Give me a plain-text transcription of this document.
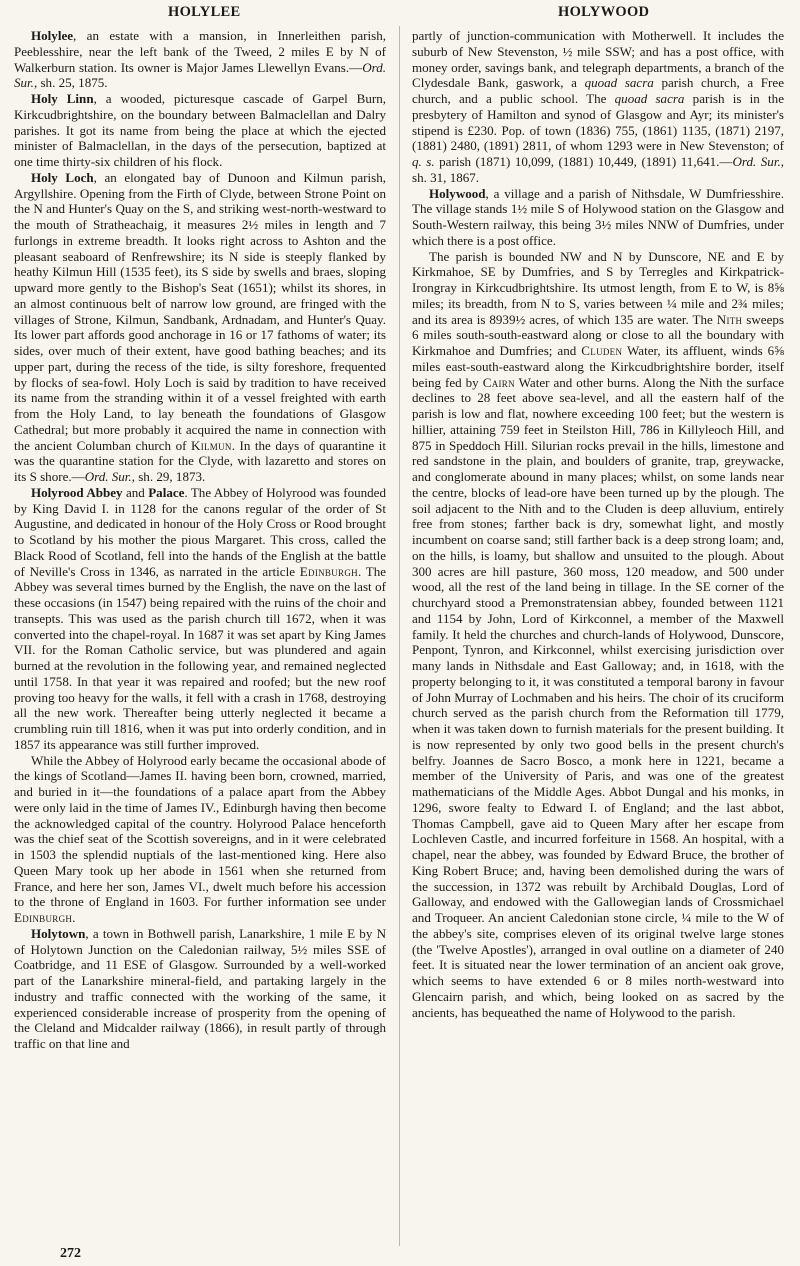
HOLYLEE	HOLYWOOD

Holylee, an estate with a mansion, in Innerleithen parish, Peeblesshire, near the left bank of the Tweed, 2 miles E by N of Walkerburn station. Its owner is Major James Llewellyn Evans.—Ord. Sur., sh. 25, 1875.

Holy Linn, a wooded, picturesque cascade of Garpel Burn, Kirkcudbrightshire, on the boundary between Balmaclellan and Dalry parishes. It got its name from being the place at which the ejected minister of Balmaclellan, in the days of the persecution, baptized at one time thirty-six children of his flock.

Holy Loch, an elongated bay of Dunoon and Kilmun parish, Argyllshire. Opening from the Firth of Clyde, between Strone Point on the N and Hunter's Quay on the S, and striking west-north-westward to the mouth of Stratheachaig, it measures 2½ miles in length and 7 furlongs in extreme breadth. It looks right across to Ashton and the pleasant seaboard of Renfrewshire; its N side is steeply flanked by heathy Kilmun Hill (1535 feet), its S side by swells and braes, sloping upward more gently to the Bishop's Seat (1651); whilst its shores, in an almost continuous belt of narrow low ground, are fringed with the villages of Strone, Kilmun, Sandbank, Ardnadam, and Hunter's Quay. Its lower part affords good anchorage in 16 or 17 fathoms of water; its sides, over much of their extent, have good bathing beaches; and its upper part, during the recess of the tide, is silty foreshore, frequented by flocks of sea-fowl. Holy Loch is said by tradition to have received its name from the stranding within it of a vessel freighted with earth from the Holy Land, to lay beneath the foundations of Glasgow Cathedral; but more probably it acquired the name in connection with the ancient Columban church of Kilmun. In the days of quarantine it was the quarantine station for the Clyde, with lazaretto and stores on its S shore.—Ord. Sur., sh. 29, 1873.

Holyrood Abbey and Palace. The Abbey of Holyrood was founded by King David I. in 1128 for the canons regular of the order of St Augustine, and dedicated in honour of the Holy Cross or Rood brought to Scotland by his mother the pious Margaret. This cross, called the Black Rood of Scotland, fell into the hands of the English at the battle of Neville's Cross in 1346, as narrated in the article Edinburgh. The Abbey was several times burned by the English, the nave on the last of these occasions (in 1547) being repaired with the ruins of the choir and transepts. This was used as the parish church till 1672, when it was converted into the chapel-royal. In 1687 it was set apart by King James VII. for the Roman Catholic service, but was plundered and again burned at the revolution in the following year, and remained neglected until 1758. In that year it was repaired and roofed; but the new roof proving too heavy for the walls, it fell with a crash in 1768, destroying all the new work. Thereafter being utterly neglected it became a crumbling ruin till 1816, when it was put into orderly condition, and in 1857 its appearance was still further improved.

While the Abbey of Holyrood early became the occasional abode of the kings of Scotland—James II. having been born, crowned, married, and buried in it—the foundations of a palace apart from the Abbey were only laid in the time of James IV., Edinburgh having then become the acknowledged capital of the country. Holyrood Palace henceforth was the chief seat of the Scottish sovereigns, and in it were celebrated in 1503 the splendid nuptials of the last-mentioned king. Here also Queen Mary took up her abode in 1561 when she returned from France, and here her son, James VI., dwelt much before his accession to the throne of England in 1603. For further information see under Edinburgh.

Holytown, a town in Bothwell parish, Lanarkshire, 1 mile E by N of Holytown Junction on the Caledonian railway, 5½ miles SSE of Coatbridge, and 11 ESE of Glasgow. Surrounded by a well-worked part of the Lanarkshire mineral-field, and partaking largely in the industry and traffic connected with the working of the same, it experienced considerable increase of prosperity from the opening of the Cleland and Midcalder railway (1866), in result partly of through traffic on that line and

partly of junction-communication with Motherwell. It includes the suburb of New Stevenston, ½ mile SSW; and has a post office, with money order, savings bank, and telegraph departments, a branch of the Clydesdale Bank, gaswork, a quoad sacra parish church, a Free church, and a public school. The quoad sacra parish is in the presbytery of Hamilton and synod of Glasgow and Ayr; its minister's stipend is £230. Pop. of town (1836) 755, (1861) 1135, (1871) 2197, (1881) 2480, (1891) 2811, of whom 1293 were in New Stevenston; of q. s. parish (1871) 10,099, (1881) 10,449, (1891) 11,641.—Ord. Sur., sh. 31, 1867.

Holywood, a village and a parish of Nithsdale, W Dumfriesshire. The village stands 1½ mile S of Holywood station on the Glasgow and South-Western railway, this being 3½ miles NNW of Dumfries, under which there is a post office.

The parish is bounded NW and N by Dunscore, NE and E by Kirkmahoe, SE by Dumfries, and S by Terregles and Kirkpatrick-Irongray in Kirkcudbrightshire. Its utmost length, from E to W, is 8⅝ miles; its breadth, from N to S, varies between ¼ mile and 2¾ miles; and its area is 8939½ acres, of which 135 are water. The Nith sweeps 6 miles south-south-eastward along or close to all the boundary with Kirkmahoe and Dumfries; and Cluden Water, its affluent, winds 6⅝ miles east-south-eastward along the Kirkcudbrightshire border, itself being fed by Cairn Water and other burns. Along the Nith the surface declines to 28 feet above sea-level, and all the eastern half of the parish is low and flat, nowhere exceeding 100 feet; but the western is hillier, attaining 759 feet in Steilston Hill, 786 in Killyleoch Hill, and 875 in Speddoch Hill. Silurian rocks prevail in the hills, limestone and red sandstone in the plain, and boulders of granite, trap, greywacke, and conglomerate abound in many places; whilst, on some lands near the centre, blocks of lead-ore have been turned up by the plough. The soil adjacent to the Nith and to the Cluden is deep alluvium, entirely free from stones; farther back is dry, somewhat light, and mostly incumbent on coarse sand; still farther back is a deep strong loam; and, on the hills, is loamy, but shallow and unsuited to the plough. About 300 acres are hill pasture, 360 moss, 120 meadow, and 500 under wood, all the rest of the land being in tillage. In the SE corner of the churchyard stood a Premonstratensian abbey, founded between 1121 and 1154 by John, Lord of Kirkconnel, a member of the Maxwell family. It held the churches and church-lands of Holywood, Dunscore, Penpont, Tynron, and Kirkconnel, whilst exercising jurisdiction over many lands in Nithsdale and East Galloway; and, in 1618, with the property belonging to it, it was constituted a temporal barony in favour of John Murray of Lochmaben and his heirs. The choir of its cruciform church served as the parish church from the Reformation till 1779, when it was taken down to furnish materials for the present building. It is now represented by only two good bells in the present church's belfry. Joannes de Sacro Bosco, a monk here in 1221, became a member of the University of Paris, and was one of the greatest mathematicians of the Middle Ages. Abbot Dungal and his monks, in 1296, swore fealty to Edward I. of England; and the last abbot, Thomas Campbell, gave aid to Queen Mary after her escape from Lochleven Castle, and incurred forfeiture in 1568. An hospital, with a chapel, near the abbey, was founded by Edward Bruce, the brother of King Robert Bruce; and, having been demolished during the wars of the succession, in 1372 was rebuilt by Archibald Douglas, Lord of Galloway, and endowed with the Gallowegian lands of Crossmichael and Troqueer. An ancient Caledonian stone circle, ¼ mile to the W of the abbey's site, comprises eleven of its original twelve large stones (the 'Twelve Apostles'), arranged in oval outline on a diameter of 240 feet. It is situated near the lower termination of an ancient oak grove, which seems to have extended 6 or 8 miles north-westward into Glencairn parish, and which, being looked on as sacred by the ancients, has bequeathed the name of Holywood to the parish.

272
